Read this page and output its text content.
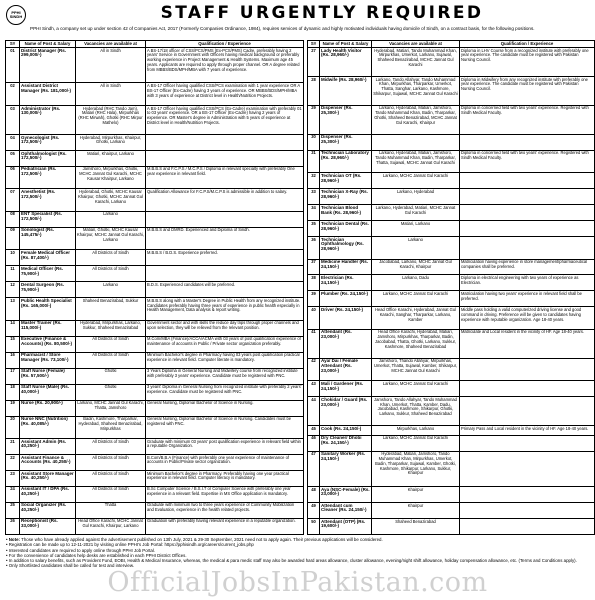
PPHI SINDH	STAFF URGENTLY REQUIRED
PPHI Sindh, a company set up under section 42 of Companies Act, 2017 (Formerly Companies Ordinance, 1984), requires services of dynamic and highly motivated individuals having domicile of Sindh, on a contract basis, for the following positions.
S#	Name of Post & Salary	Vacancies are available at	Qualification / Experience
01	District Manager (Rs. 299,000/-)	All in Sindh	A BS-17/18 officer of CSS/PCS/PMS (Ex-PCS/PMS) Cadre, preferably having 2 years' Service in Government with Officers having medical background or preferably working experience in Project Management & Health Systems. Maximum age 45 years. Applicants are required to apply through proper channel. OR A degree related from MBBS/BDS/MPH/MBA with 7 years of experience.
02	Assistant District Manager (Rs. 181,000/-)	All in Sindh	A BS-17 Officer having qualified CSS/PCS examination with 1 year experience OR A BS-17 Officer (Ex-Cadre) having 3 years of experience. OR MBBS/BDS/MPH/MBA with 3 years of experience at District level in Health/Nutrition Projects.
03	Administrator (Rs. 130,000/-)	Hyderabad (RHC Tando Jam), Matiari (RHC Hala), Mirpurkhas (RHC Mirwah), Ghotki (RHC Mirpur Mathelo)	A BS-17 Officer having qualified CSS/PCS (Ex-Cadre) examination with preferably 01 to 03 years' experience. OR a BS-17 Officer (Ex-Cadre) having 2 years of experience. OR Master's degree in Administration with 5 years of experience at District level in Health/Nutrition Projects.
04	Gynecologist (Rs. 172,500/-)	Hyderabad, Mirpurkhas, Khairpur, Ghotki, Larkano	
05	Ophthalmologist (Rs. 172,500/-)	Matiari, Khairpur, Larkano	
06	Pediatrician (Rs. 172,500/-)	Jamshoro, Mirpurkhas, Ghotki, MCHC Jannat Gul Karachi, MCHC Kausar Khairpur, Larkano	M.B.B.S and F.C.P.S / M.C.P.S / Diploma in relevant specialty with preferably One year experience in relevant field.
07	Anesthetist (Rs. 172,500/-)	Hyderabad, Ghotki, MCHC Kausar Khairpur, Ghotki, MCHC Jannat Gul Karachi, Larkano	Qualification Allowance for F.C.P.S/M.C.P.S is admissible in addition to salary.
08	ENT Specialist (Rs. 172,500/-)	Larkano	
09	Sonologist (Rs. 145,475/-)	Matiari, Ghotki, MCHC Kausar Khairpur, MCHC Jannat Gul Karachi, Larkano	M.B.B.S and DMRD. Experienced and Diploma of Sindh.
10	Female Medical Officer (Rs. 87,400/-)	All Districts of Sindh	M.B.B.S / B.D.S. Experience preferred.
11	Medical Officer (Rs. 75,900/-)	All Districts of Sindh	
12	Dental Surgeon (Rs. 75,900/-)	Larkano	B.D.S. Experienced candidates will be preferred.
13	Public Health Specialist (Rs. 165,000/-)	Shaheed Benazirabad, Sukkur	M.B.B.S along with a Master's Degree in Public Health from any recognized institute. Candidates preferably having three years of experience in public health especially in Health Management, Data analysis & report writing.
14	Master Trainer (Rs. 115,000/-)	Hyderabad, Mirpurkhas, Larkano, Sukkur, Shaheed Benazirabad	Government sector and with skills the reduce day trips through proper channels and upon selection, they will be relieved from the relevant position.
15	Executive (Finance & Accounts) (Rs. 80,500/-)	All Districts of Sindh	M.Com/MBA (Finance)/ACCA/ACMA with 03 years of post qualification experience of maintenance of accounts in Public / Private sector organization preferably.
16	Pharmacist / Store Manager (Rs. 73,100/-)	All Districts of Sindh	Minimum Bachelor's degree in Pharmacy having 03 years post qualification practical experience in relevant field. Computer literate is mandatory.
17	Staff Nurse (Female) (Rs. 57,500/-)	Ghotki	3 Years Diploma in General Nursing and Midwifery course from recognized institute with preferably 3 years' experience. Candidate must be registered with PNC.
18	Staff Nurse (Male) (Rs. 40,000/-)	Ghotki	3 years' Diploma in General Nursing from recognized institute with preferably 2 years' experience. Candidate must be registered with PNC.
19	Nurse (Rs. 20,900/-)	Larkano, MCHC Jannat Gul Karachi, Thatta, Jamshoro	General Nursing, Diploma/ Bachelor of Science in Nursing.
20	Nurse NNC (Nutrition) (Rs. 40,085/-)	Badin, Kashmore, Tharparkar, Hyderabad, Shaheed Benazirabad, Mirpurkhas	General Nursing, Diploma/ Bachelor of Science in Nursing. Candidates must be registered with PNC.
21	Assistant Admin (Rs. 40,250/-)	All Districts of Sindh	Graduate with minimum 03 years' post qualification experience in relevant field within a reputable Organization.
22	Assistant Finance & Accounts (Rs. 40,250/-)	All Districts of Sindh	B.Com/B.B.A (Finance) with preferably one year experience of maintenance of accounts in Public/Private sector organization.
23	Assistant Store Manager (Rs. 40,250/-)	All Districts of Sindh	Minimum Bachelor's degree in Pharmacy. Preferably having one year practical experience in relevant field. Computer literacy is mandatory.
24	Assistant IT / DPA (Rs. 40,250/-)	All Districts of Sindh	B.Sc Computer Science / B.S.I.T or Computer Science with preferably one year experience in a relevant field. Expertise in MS Office application is mandatory.
25	Social Organizer (Rs. 40,250/-)	Thatta	Graduate with minimum two to three years experience of Community Mobilization and Evaluation, experience in the health related projects.
26	Receptionist (Rs. 33,000/-)	Head Office Karachi, MCHC Jannat Gul Karachi, Khairpur, Larkano	Graduation with preferably having relevant experience in a reputable organization.
S#	Name of Post & Salary	Vacancies are available at	Qualification / Experience
27	Lady Health Visitor (Rs. 28,960/-)	Hyderabad, Matiari, Tando Muhammad Khan, Mirpurkhas, Umerkot, Larkano, Sujawal, Shaheed Benazirabad, MCHC Jannat Gul Karachi	Diploma in LHV Course from a recognized institute with preferably one year experience. The candidate must be registered with Pakistan Nursing Council.
28	Midwife (Rs. 28,960/-)	Larkano, Tando Allahyar, Tando Muhammad Khan, Mirpurkhas, Tharparkar, Umerkot, Thatta, Sanghar, Larkano, Kashmore, Shikarpur, Sujawal, MCHC Jannat Gul Karachi	Diploma in Midwifery from any recognized institute with preferably one year experience. The candidate must be registered with Pakistan Nursing Council.
29	Dispenser (Rs. 25,300/-)	Larkano, Hyderabad, Matiari, Jamshoro, Tando Muhammad Khan, Badin, Tharparkar, Ghotki, Shaheed Benazirabad, MCHC Jannat Gul Karachi, Khairpur	Diploma in concerned field with two years' experience. Registered with Sindh Medical Faculty.
30	Dispenser (Rs. 25,300/-)		
31	Technician Laboratory (Rs. 28,960/-)	Larkano, Hyderabad, Matiari, Jamshoro, Tando Muhammad Khan, Badin, Tharparkar, Thatta, Sujawal, MCHC Jannat Gul Karachi	Diploma in concerned field with two years' experience. Registered with Sindh Medical Faculty.
32	Technician OT (Rs. 28,960/-)	Larkano, MCHC Jannat Gul Karachi	
33	Technician X-Ray (Rs. 28,960/-)	Larkano, Hyderabad	
34	Technician Blood Bank (Rs. 28,960/-)	Larkano, Hyderabad, Matiari, MCHC Jannat Gul Karachi	
35	Technician Dental (Rs. 28,960/-)	Matiari, Larkano	
36	Technician Ophthalmology (Rs. 28,960/-)	Larkano	
37	Medicine Handler (Rs. 24,150/-)	Jacobabad, Larkano, MCHC Jannat Gul Karachi, Khairpur	Matriculation having experience in store management/pharmaceutical companies shall be preferred.
38	Electrician (Rs. 24,150/-)	Larkano, Dadu	Diploma in electrical engineering with two years of experience as Electrician.
39	Plumber (Rs. 24,150/-)	Larkano, MCHC Jannat Gul Karachi	Matriculation having two years' experience in relevant field shall be preferred.
40	Driver (Rs. 24,150/-)	Head Office Karachi, Hyderabad, Jannat Gul Karachi, Sanghar, Tharparkar, Larkano, Kamber	Middle pass holding a valid computerized driving license and good command in driving. Preference will be given to candidates having experience with reputable organization. Age 18-40 years.
41	Attendant (Rs. 23,000/-)	Head Office Karachi, Hyderabad, Matiari, Jamshoro, Mirpurkhas, Tharparkar, Badin, Jacobabad, Thatta, Ghotki, Larkano, Sukkur, Kashmore, Shaheed Benazirabad	Matriculate and Local resident in the vicinity of HF. Age 18-40 years.
42	Aya/ Dai / Female Attendant (Rs. 23,000/-)	Jamshoro, Thando Allahyar, Mirpurkhas, Umerkot, Thatta, Sujawal, Kamber, Shikarpur, MCHC Jannat Gul Karachi	
43	Mali / Gardener (Rs. 24,150/-)	Larkano, MCHC Jannat Gul Karachi	
44	Chokidar / Guard (Rs. 23,000/-)	Jamshoro, Tando Allahyar, Tando Muhammad Khan, Umerkot, Thatta, Kamber, Dadu, Jacobabad, Kashmore, Shikarpur, Ghotki, Larkano, Sukkur, Shaheed Benazirabad	
45	Cook (Rs. 24,150/-)	Mirpurkhas, Larkano	Primary Pass and Local resident in the vicinity of HF. Age 18-40 years.
46	Dry Cleaner/ Dhobi (Rs. 24,150/-)	Larkano, MCHC Jannat Gul Karachi	
47	Sanitary Worker (Rs. 24,150/-)	Hyderabad, Matiari, Jamshoro, Tando Muhammad Khan, Mirpurkhas, Umerkot, Badin, Tharparkar, Sujawal, Kamber, Ghotki, Kashmore, Shikarpur, Larkano, Sukkur, Khairpur	
48	Aya (NSC-Female) (Rs. 23,000/-)	Khairpur	
49	Attendant cum Cleaner (Rs. 24,150/-)	Khairpur	
50	Attendant (OTP) (Rs. 19,600/-)	Shaheed Benazirabad	
• Note: Those who have already applied against the advertisement published on 13th July, 2021 & 29-30 September, 2021 need not to apply again. Their previous applications will be considered.
• Registration can be made up to 12-11-2021 by visiting online PPHI's Job Portal: https://pphisindh.org/careers/current_jobs.php
• Interested candidates are required to apply online through PPHI Job Portal.
• For the convenience of candidates help desks are established in each PPHI District Offices.
• In addition to salary benefits, such as Provident Fund, EOBI, Health & Medical Insurance, whereas, the medical & para medic staff may also be awarded hard areas allowance, cluster allowance, evening/night shift allowance, holiday compensation allowance, etc. (Terms and Conditions apply).
• Only Shortlisted candidates shall be called for test and interview.
OfficialJobsInPakistan.com
